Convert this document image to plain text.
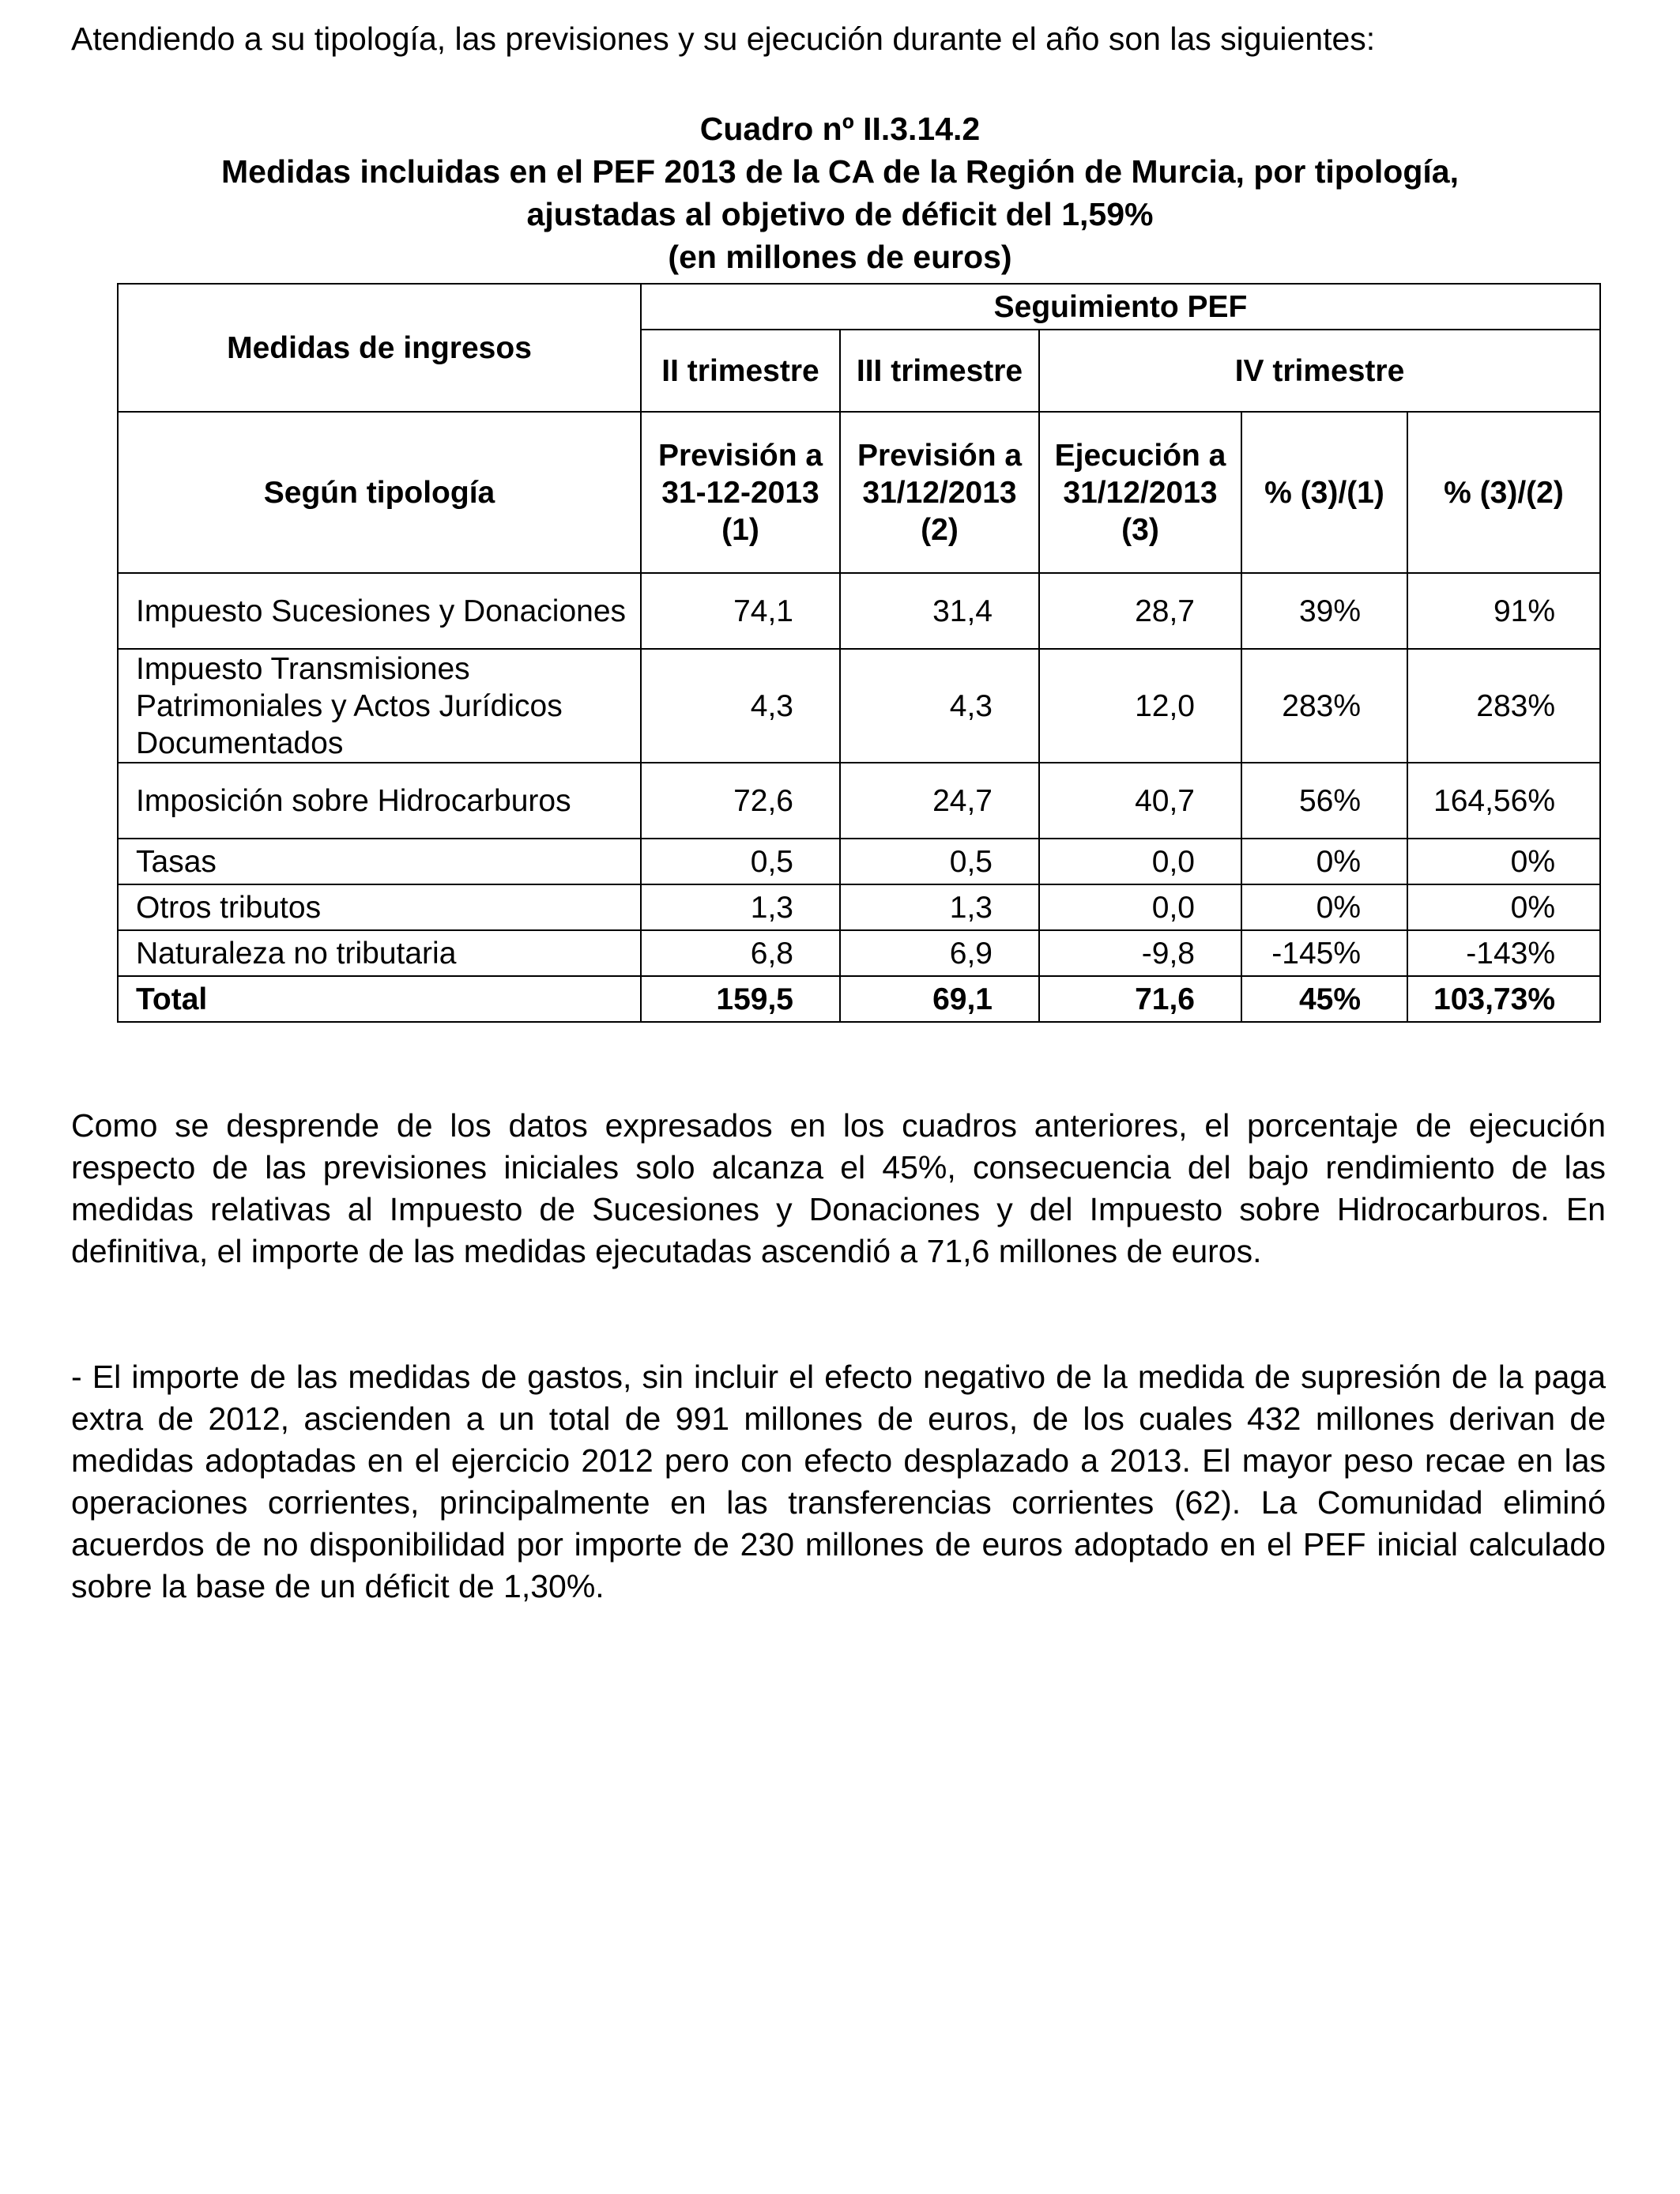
Atendiendo a su tipología, las previsiones y su ejecución durante el año son las siguientes:

Cuadro nº II.3.14.2
Medidas incluidas en el PEF 2013 de la CA de la Región de Murcia, por tipología,
ajustadas al objetivo de déficit del 1,59%
(en millones de euros)
Medidas de ingresos	Seguimiento PEF				
	II trimestre	III trimestre	IV trimestre		
Según tipología	Previsión a 31-12-2013 (1)	Previsión a 31/12/2013 (2)	Ejecución a 31/12/2013 (3)	% (3)/(1)	% (3)/(2)
Impuesto Sucesiones y Donaciones	74,1	31,4	28,7	39%	91%
Impuesto Transmisiones Patrimoniales y Actos Jurídicos Documentados	4,3	4,3	12,0	283%	283%
Imposición sobre Hidrocarburos	72,6	24,7	40,7	56%	164,56%
Tasas	0,5	0,5	0,0	0%	0%
Otros tributos	1,3	1,3	0,0	0%	0%
Naturaleza no tributaria	6,8	6,9	-9,8	-145%	-143%
Total	159,5	69,1	71,6	45%	103,73%

Como se desprende de los datos expresados en los cuadros anteriores, el porcentaje de ejecución respecto de las previsiones iniciales solo alcanza el 45%, consecuencia del bajo rendimiento de las medidas relativas al Impuesto de Sucesiones y Donaciones y del Impuesto sobre Hidrocarburos. En definitiva, el importe de las medidas ejecutadas ascendió a 71,6 millones de euros.

- El importe de las medidas de gastos, sin incluir el efecto negativo de la medida de supresión de la paga extra de 2012, ascienden a un total de 991 millones de euros, de los cuales 432 millones derivan de medidas adoptadas en el ejercicio 2012 pero con efecto desplazado a 2013. El mayor peso recae en las operaciones corrientes, principalmente en las transferencias corrientes (62). La Comunidad eliminó acuerdos de no disponibilidad por importe de 230 millones de euros adoptado en el PEF inicial calculado sobre la base de un déficit de 1,30%.
